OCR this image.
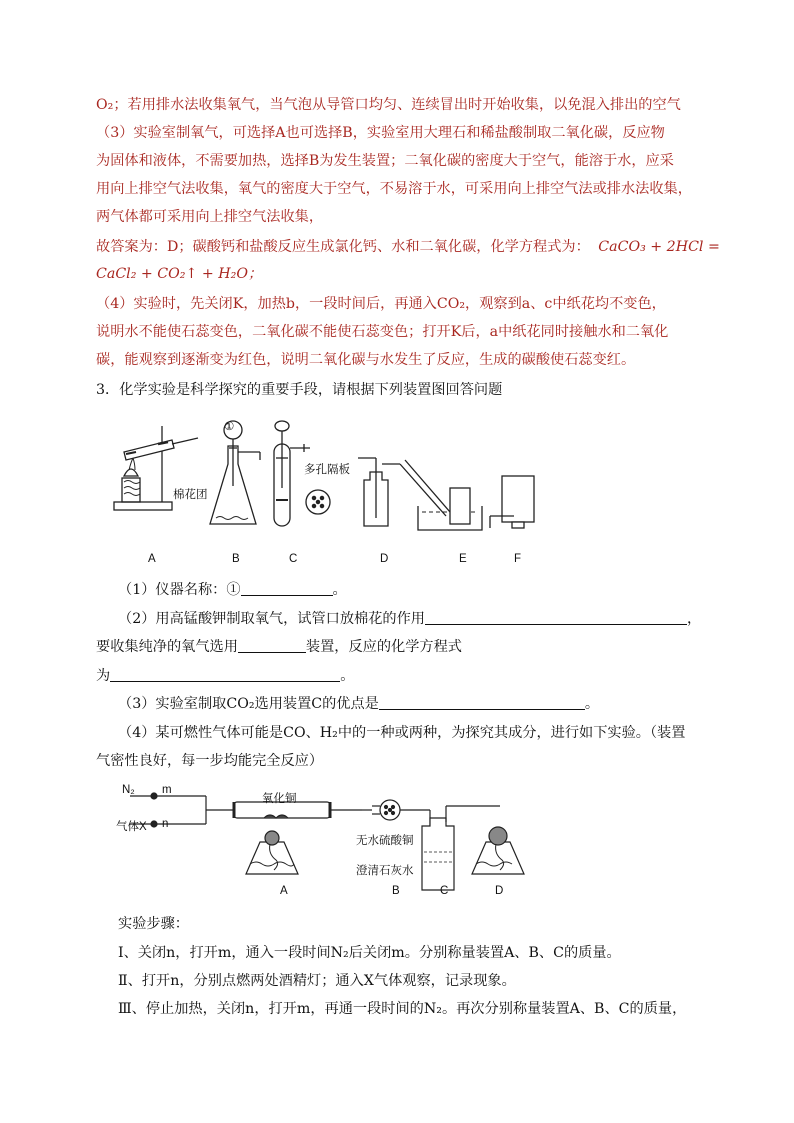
O₂；若用排水法收集氧气，当气泡从导管口均匀、连续冒出时开始收集，以免混入排出的空气
（3）实验室制氧气，可选择A也可选择B，实验室用大理石和稀盐酸制取二氧化碳，反应物
为固体和液体，不需要加热，选择B为发生装置；二氧化碳的密度大于空气，能溶于水，应采
用向上排空气法收集，氧气的密度大于空气，不易溶于水，可采用向上排空气法或排水法收集，
两气体都可采用向上排空气法收集，
故答案为：D；碳酸钙和盐酸反应生成氯化钙、水和二氧化碳，化学方程式为： CaCO₃ + 2HCl =
CaCl₂ + CO₂↑ + H₂O；
（4）实验时，先关闭K，加热b，一段时间后，再通入CO₂，观察到a、c中纸花均不变色，
说明水不能使石蕊变色，二氧化碳不能使石蕊变色；打开K后，a中纸花同时接触水和二氧化
碳，能观察到逐渐变为红色，说明二氧化碳与水发生了反应，生成的碳酸使石蕊变红。
3．化学实验是科学探究的重要手段，请根据下列装置图回答问题
①
棉花团
多孔隔板
A	B	C	D	E	F
（1）仪器名称：①	。
（2）用高锰酸钾制取氧气，试管口放棉花的作用	，
要收集纯净的氧气选用	装置，反应的化学方程式
为	。
（3）实验室制取CO₂选用装置C的优点是	。
（4）某可燃性气体可能是CO、H₂中的一种或两种，为探究其成分，进行如下实验。（装置
气密性良好，每一步均能完全反应）
N₂ m
气体X n
氧化铜
无水硫酸铜
澄清石灰水
A	B	C	D
实验步骤：
Ⅰ、关闭n，打开m，通入一段时间N₂后关闭m。分别称量装置A、B、C的质量。
Ⅱ、打开n，分别点燃两处酒精灯；通入X气体观察，记录现象。
Ⅲ、停止加热，关闭n，打开m，再通一段时间的N₂。再次分别称量装置A、B、C的质量，
